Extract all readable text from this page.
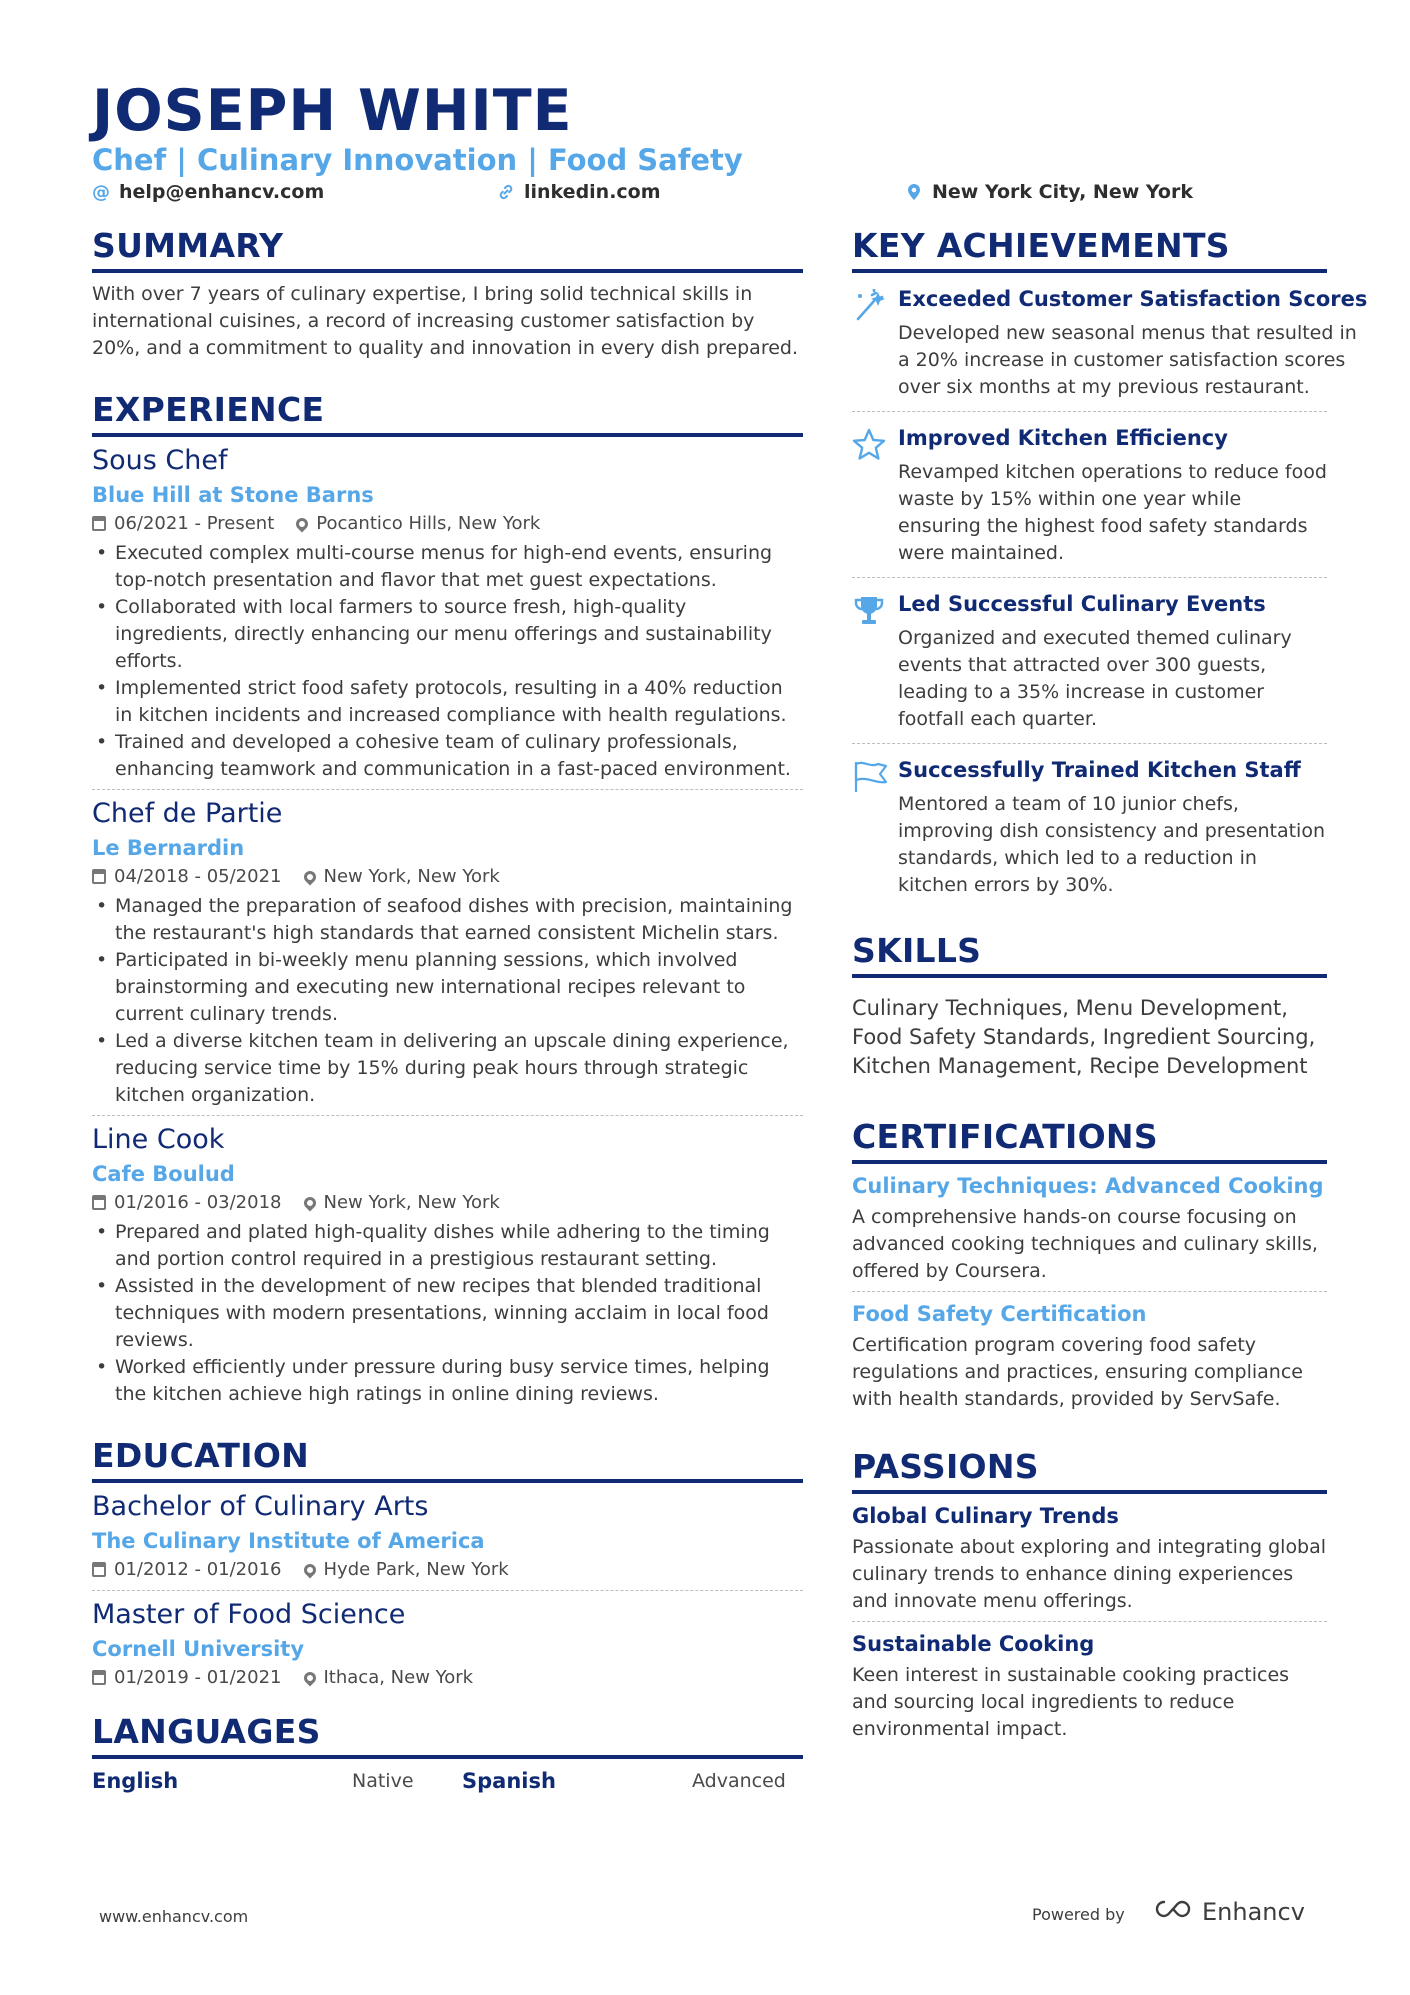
JOSEPH WHITE
Chef | Culinary Innovation | Food Safety
@ help@enhancv.com	linkedin.com	New York City, New York
SUMMARY
With over 7 years of culinary expertise, I bring solid technical skills in international cuisines, a record of increasing customer satisfaction by 20%, and a commitment to quality and innovation in every dish prepared.
EXPERIENCE
Sous Chef
Blue Hill at Stone Barns
06/2021 - Present Pocantico Hills, New York
• Executed complex multi-course menus for high-end events, ensuring top-notch presentation and flavor that met guest expectations.
• Collaborated with local farmers to source fresh, high-quality ingredients, directly enhancing our menu offerings and sustainability efforts.
• Implemented strict food safety protocols, resulting in a 40% reduction in kitchen incidents and increased compliance with health regulations.
• Trained and developed a cohesive team of culinary professionals, enhancing teamwork and communication in a fast-paced environment.
Chef de Partie
Le Bernardin
04/2018 - 05/2021 New York, New York
• Managed the preparation of seafood dishes with precision, maintaining the restaurant's high standards that earned consistent Michelin stars.
• Participated in bi-weekly menu planning sessions, which involved brainstorming and executing new international recipes relevant to current culinary trends.
• Led a diverse kitchen team in delivering an upscale dining experience, reducing service time by 15% during peak hours through strategic kitchen organization.
Line Cook
Cafe Boulud
01/2016 - 03/2018 New York, New York
• Prepared and plated high-quality dishes while adhering to the timing and portion control required in a prestigious restaurant setting.
• Assisted in the development of new recipes that blended traditional techniques with modern presentations, winning acclaim in local food reviews.
• Worked efficiently under pressure during busy service times, helping the kitchen achieve high ratings in online dining reviews.
EDUCATION
Bachelor of Culinary Arts
The Culinary Institute of America
01/2012 - 01/2016 Hyde Park, New York
Master of Food Science
Cornell University
01/2019 - 01/2021 Ithaca, New York
LANGUAGES
English	Native	Spanish	Advanced
KEY ACHIEVEMENTS
Exceeded Customer Satisfaction Scores
Developed new seasonal menus that resulted in a 20% increase in customer satisfaction scores over six months at my previous restaurant.
Improved Kitchen Efficiency
Revamped kitchen operations to reduce food waste by 15% within one year while ensuring the highest food safety standards were maintained.
Led Successful Culinary Events
Organized and executed themed culinary events that attracted over 300 guests, leading to a 35% increase in customer footfall each quarter.
Successfully Trained Kitchen Staff
Mentored a team of 10 junior chefs, improving dish consistency and presentation standards, which led to a reduction in kitchen errors by 30%.
SKILLS
Culinary Techniques, Menu Development, Food Safety Standards, Ingredient Sourcing, Kitchen Management, Recipe Development
CERTIFICATIONS
Culinary Techniques: Advanced Cooking
A comprehensive hands-on course focusing on advanced cooking techniques and culinary skills, offered by Coursera.
Food Safety Certification
Certification program covering food safety regulations and practices, ensuring compliance with health standards, provided by ServSafe.
PASSIONS
Global Culinary Trends
Passionate about exploring and integrating global culinary trends to enhance dining experiences and innovate menu offerings.
Sustainable Cooking
Keen interest in sustainable cooking practices and sourcing local ingredients to reduce environmental impact.
www.enhancv.com	Powered by	Enhancv
